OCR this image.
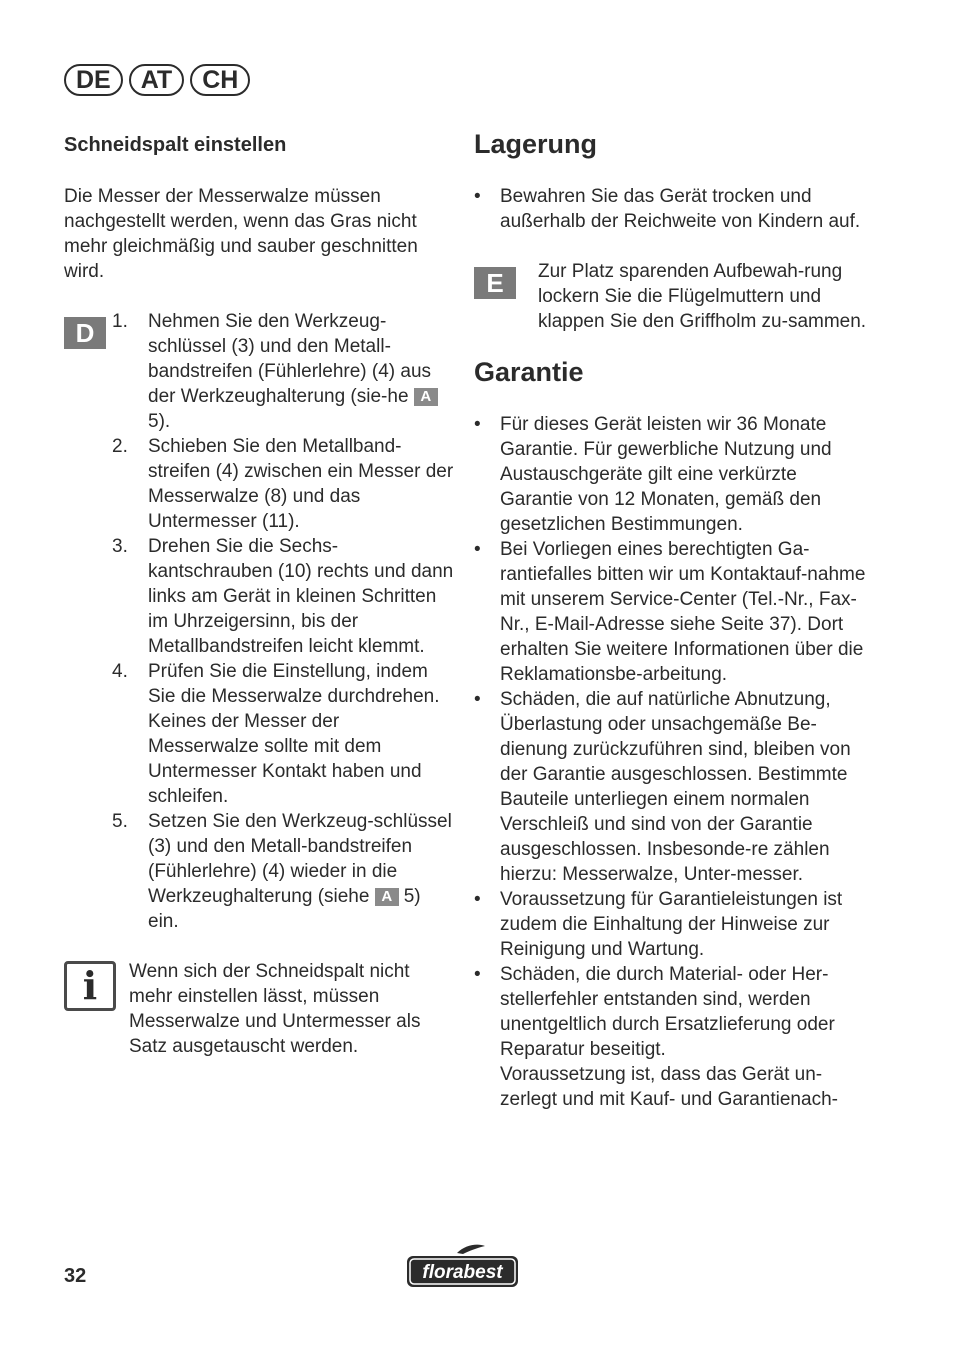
DE	AT	CH
Schneidspalt einstellen

Die Messer der Messerwalze müssen nachgestellt werden, wenn das Gras nicht mehr gleichmäßig und sauber geschnitten wird.

D 1.	Nehmen Sie den Werkzeug-schlüssel (3) und den Metall-bandstreifen (Fühlerlehre) (4) aus der Werkzeughalterung (sie-he A5).
2.	Schieben Sie den Metallband-streifen (4) zwischen ein Messer der Messerwalze (8) und das Untermesser (11).
3.	Drehen Sie die Sechs-kantschrauben (10) rechts und dann links am Gerät in kleinen Schritten im Uhrzeigersinn, bis der Metallbandstreifen leicht klemmt.
4.	Prüfen Sie die Einstellung, indem Sie die Messerwalze durchdrehen. Keines der Messer der Messerwalze sollte mit dem Untermesser Kontakt haben und schleifen.
5.	Setzen Sie den Werkzeug-schlüssel (3) und den Metall-bandstreifen (Fühlerlehre) (4) wieder in die Werkzeughalterung (siehe A 5) ein.
i	Wenn sich der Schneidspalt nicht mehr einstellen lässt, müssen Messerwalze und Untermesser als Satz ausgetauscht werden.

Lagerung
•	Bewahren Sie das Gerät trocken und außerhalb der Reichweite von Kindern auf.
E	Zur Platz sparenden Aufbewah-rung lockern Sie die Flügelmuttern und klappen Sie den Griffholm zu-sammen.

Garantie
•	Für dieses Gerät leisten wir 36 Monate Garantie. Für gewerbliche Nutzung und Austauschgeräte gilt eine verkürzte Garantie von 12 Monaten, gemäß den gesetzlichen Bestimmungen.
•	Bei Vorliegen eines berechtigten Ga-rantiefalles bitten wir um Kontaktauf-nahme mit unserem Service-Center (Tel.-Nr., Fax-Nr., E-Mail-Adresse siehe Seite 37). Dort erhalten Sie weitere Informationen über die Reklamationsbe-arbeitung.
•	Schäden, die auf natürliche Abnutzung, Überlastung oder unsachgemäße Be-dienung zurückzuführen sind, bleiben von der Garantie ausgeschlossen. Bestimmte Bauteile unterliegen einem normalen Verschleiß und sind von der Garantie ausgeschlossen. Insbesonde-re zählen hierzu: Messerwalze, Unter-messer.
•	Voraussetzung für Garantieleistungen ist zudem die Einhaltung der Hinweise zur Reinigung und Wartung.
•	Schäden, die durch Material- oder Her-stellerfehler entstanden sind, werden unentgeltlich durch Ersatzlieferung oder Reparatur beseitigt.
Voraussetzung ist, dass das Gerät un-zerlegt und mit Kauf- und Garantienach-
32	florabest
